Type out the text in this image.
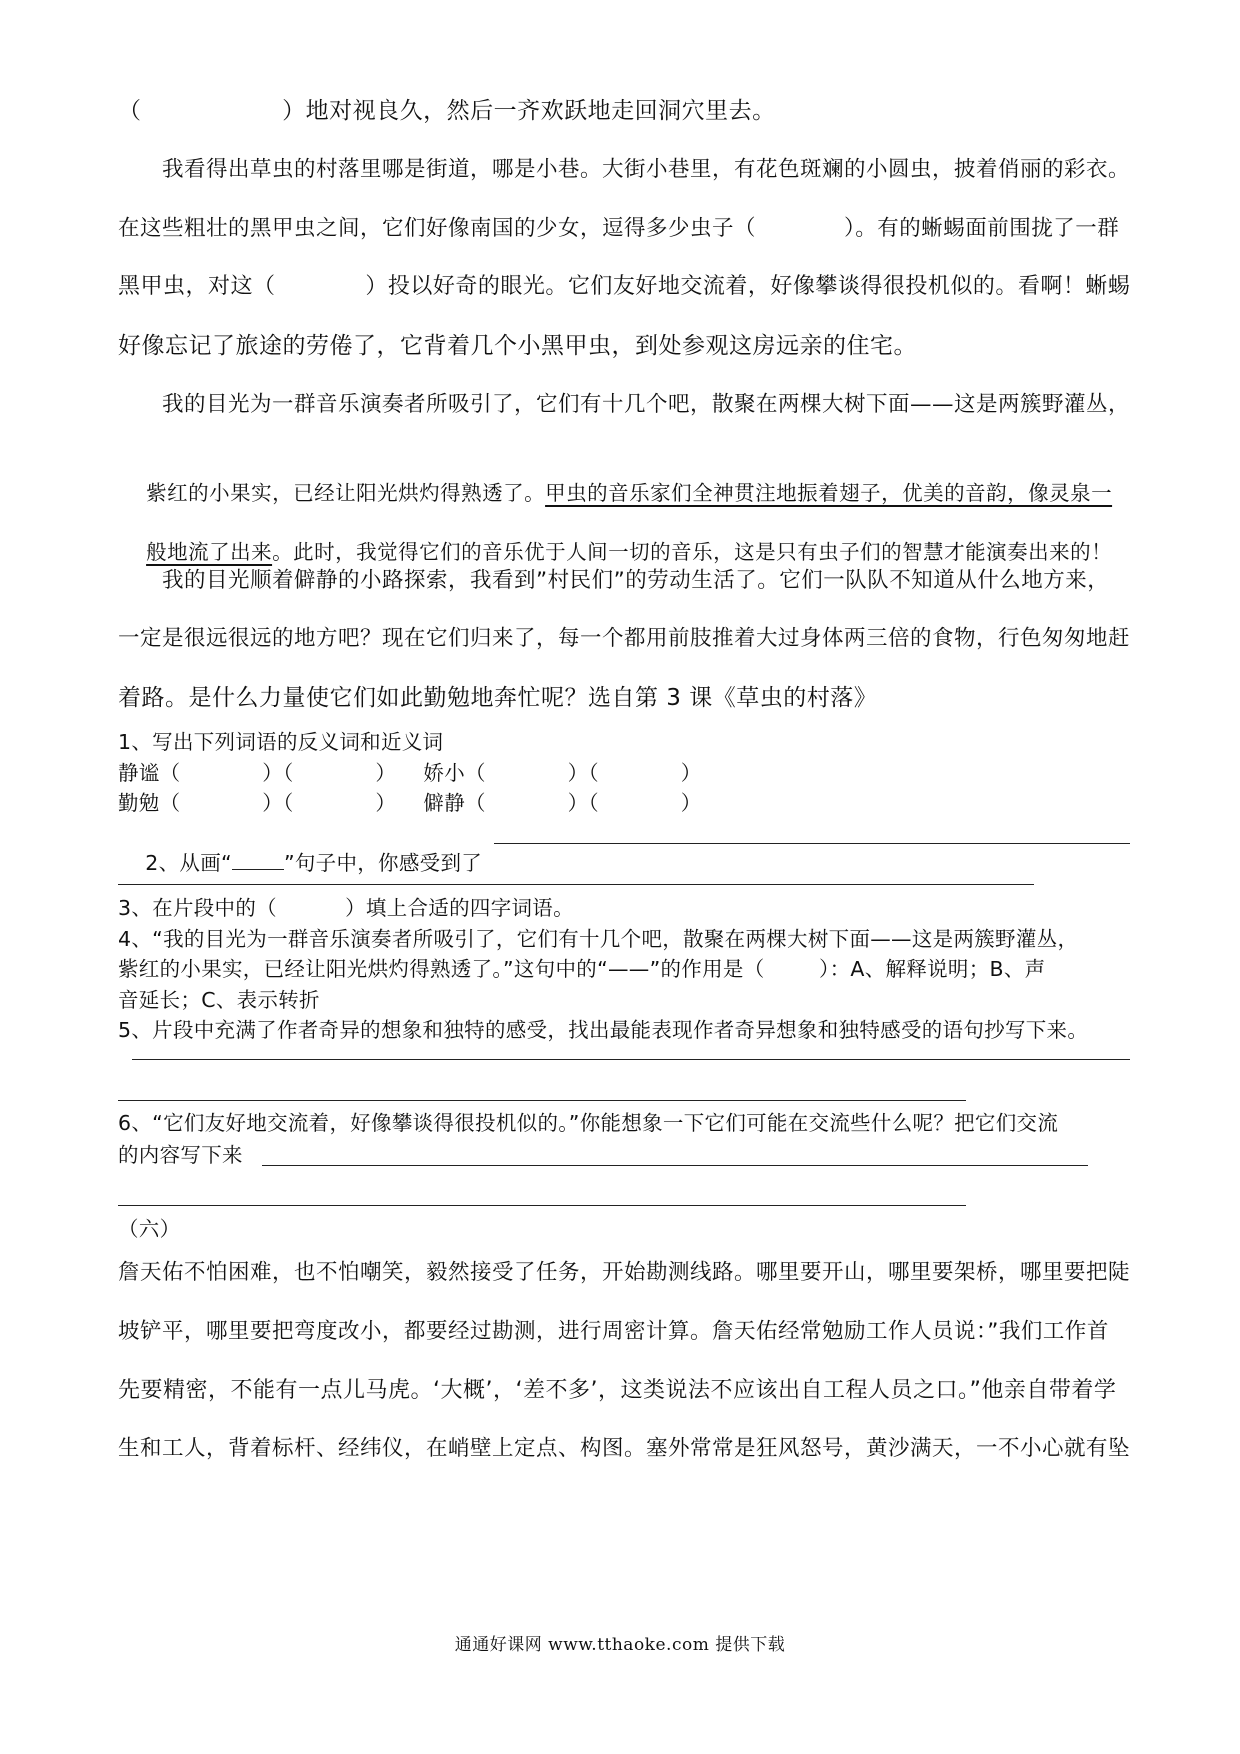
（                  ）地对视良久，然后一齐欢跃地走回洞穴里去。
　　我看得出草虫的村落里哪是街道，哪是小巷。大街小巷里，有花色斑斓的小圆虫，披着俏丽的彩衣。
在这些粗壮的黑甲虫之间，它们好像南国的少女，逗得多少虫子（            ）。有的蜥蜴面前围拢了一群
黑甲虫，对这（            ）投以好奇的眼光。它们友好地交流着，好像攀谈得很投机似的。看啊！蜥蜴
好像忘记了旅途的劳倦了，它背着几个小黑甲虫，到处参观这房远亲的住宅。
　　我的目光为一群音乐演奏者所吸引了，它们有十几个吧，散聚在两棵大树下面——这是两簇野灌丛，

紫红的小果实，已经让阳光烘灼得熟透了。甲虫的音乐家们全神贯注地振着翅子，优美的音韵，像灵泉一

般地流了出来。此时，我觉得它们的音乐优于人间一切的音乐，这是只有虫子们的智慧才能演奏出来的！

　　我的目光顺着僻静的小路探索，我看到”村民们”的劳动生活了。它们一队队不知道从什么地方来，
一定是很远很远的地方吧？现在它们归来了，每一个都用前肢推着大过身体两三倍的食物，行色匆匆地赶
着路。是什么力量使它们如此勤勉地奔忙呢？选自第 3 课《草虫的村落》
1、写出下列词语的反义词和近义词
静谧（            ）（            ）    娇小（            ）（            ）
勤勉（            ）（            ）    僻静（            ）（            ）

2、从画“	”句子中，你感受到了

3、在片段中的（          ）填上合适的四字词语。
4、“我的目光为一群音乐演奏者所吸引了，它们有十几个吧，散聚在两棵大树下面——这是两簇野灌丛，
紫红的小果实，已经让阳光烘灼得熟透了。”这句中的“——”的作用是（        ）：A、解释说明；B、声
音延长；C、表示转折
5、片段中充满了作者奇异的想象和独特的感受，找出最能表现作者奇异想象和独特感受的语句抄写下来。
6、“它们友好地交流着，好像攀谈得很投机似的。”你能想象一下它们可能在交流些什么呢？把它们交流
的内容写下来
（六）
詹天佑不怕困难，也不怕嘲笑，毅然接受了任务，开始勘测线路。哪里要开山，哪里要架桥，哪里要把陡
坡铲平，哪里要把弯度改小，都要经过勘测，进行周密计算。詹天佑经常勉励工作人员说：”我们工作首
先要精密，不能有一点儿马虎。‘大概’，‘差不多’，这类说法不应该出自工程人员之口。”他亲自带着学
生和工人，背着标杆、经纬仪，在峭壁上定点、构图。塞外常常是狂风怒号，黄沙满天，一不小心就有坠
通通好课网 www.tthaoke.com 提供下载
